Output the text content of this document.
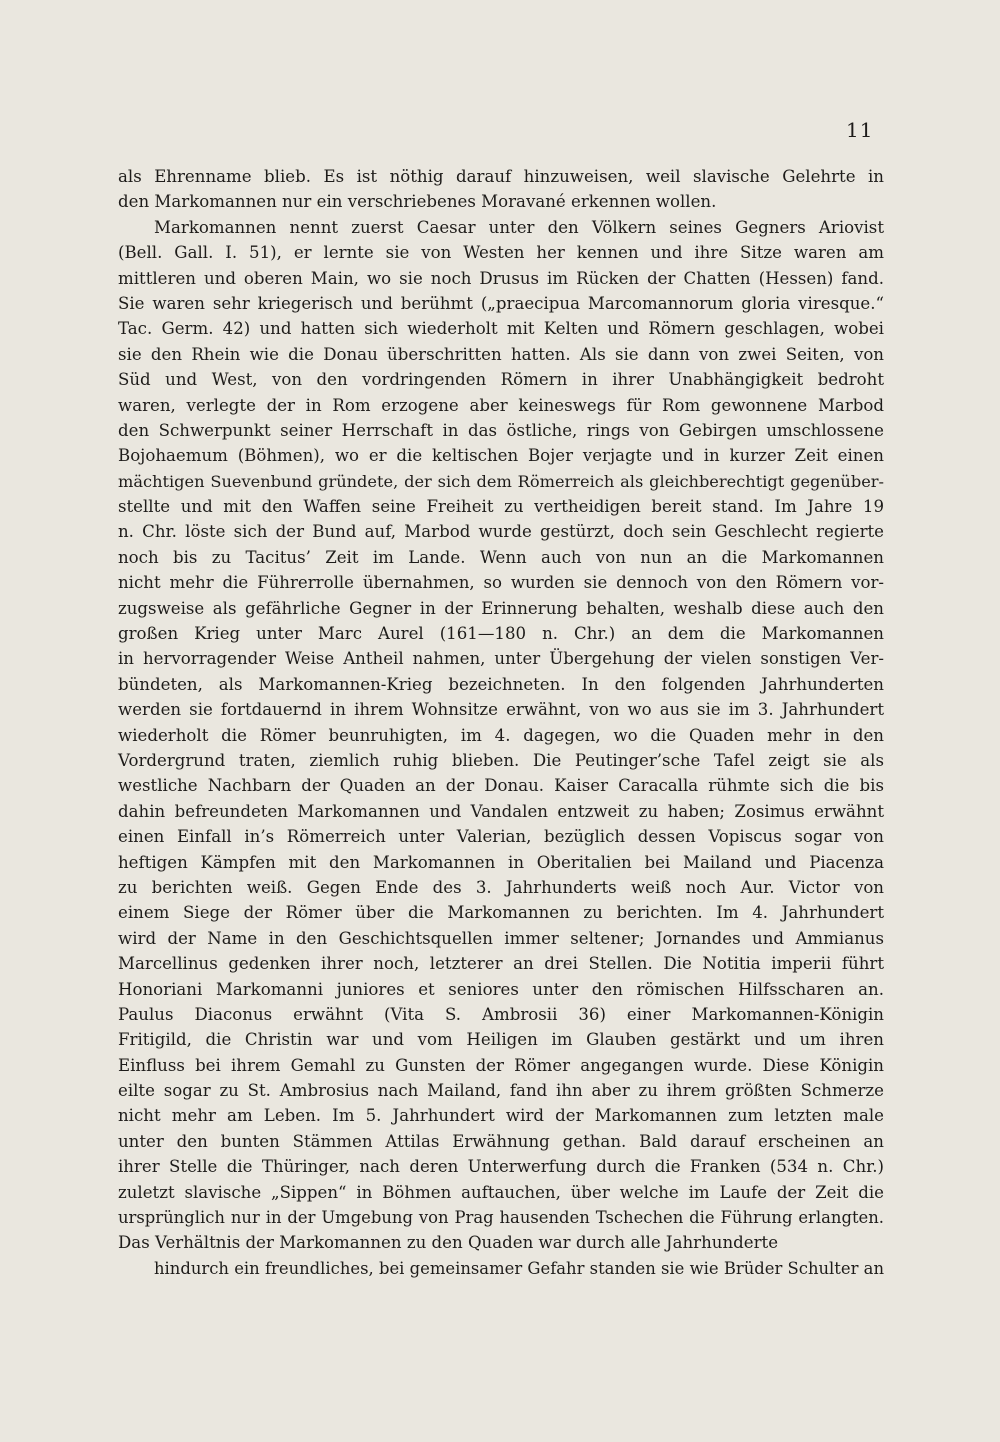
11
als Ehrenname blieb. Es ist nöthig darauf hinzuweisen, weil slavische Gelehrte in
den Markomannen nur ein verschriebenes Moravané erkennen wollen.
Markomannen nennt zuerst Caesar unter den Völkern seines Gegners Ariovist
(Bell. Gall. I. 51), er lernte sie von Westen her kennen und ihre Sitze waren am
mittleren und oberen Main, wo sie noch Drusus im Rücken der Chatten (Hessen) fand.
Sie waren sehr kriegerisch und berühmt („praecipua Marcomannorum gloria viresque.“
Tac. Germ. 42) und hatten sich wiederholt mit Kelten und Römern geschlagen, wobei
sie den Rhein wie die Donau überschritten hatten. Als sie dann von zwei Seiten, von
Süd und West, von den vordringenden Römern in ihrer Unabhängigkeit bedroht
waren, verlegte der in Rom erzogene aber keineswegs für Rom gewonnene Marbod
den Schwerpunkt seiner Herrschaft in das östliche, rings von Gebirgen umschlossene
Bojohaemum (Böhmen), wo er die keltischen Bojer verjagte und in kurzer Zeit einen
mächtigen Suevenbund gründete, der sich dem Römerreich als gleichberechtigt gegenüber-
stellte und mit den Waffen seine Freiheit zu vertheidigen bereit stand. Im Jahre 19
n. Chr. löste sich der Bund auf, Marbod wurde gestürzt, doch sein Geschlecht regierte
noch bis zu Tacitus’ Zeit im Lande. Wenn auch von nun an die Markomannen
nicht mehr die Führerrolle übernahmen, so wurden sie dennoch von den Römern vor-
zugsweise als gefährliche Gegner in der Erinnerung behalten, weshalb diese auch den
großen Krieg unter Marc Aurel (161—180 n. Chr.) an dem die Markomannen
in hervorragender Weise Antheil nahmen, unter Übergehung der vielen sonstigen Ver-
bündeten, als Markomannen-Krieg bezeichneten. In den folgenden Jahrhunderten
werden sie fortdauernd in ihrem Wohnsitze erwähnt, von wo aus sie im 3. Jahrhundert
wiederholt die Römer beunruhigten, im 4. dagegen, wo die Quaden mehr in den
Vordergrund traten, ziemlich ruhig blieben. Die Peutinger’sche Tafel zeigt sie als
westliche Nachbarn der Quaden an der Donau. Kaiser Caracalla rühmte sich die bis
dahin befreundeten Markomannen und Vandalen entzweit zu haben; Zosimus erwähnt
einen Einfall in’s Römerreich unter Valerian, bezüglich dessen Vopiscus sogar von
heftigen Kämpfen mit den Markomannen in Oberitalien bei Mailand und Piacenza
zu berichten weiß. Gegen Ende des 3. Jahrhunderts weiß noch Aur. Victor von
einem Siege der Römer über die Markomannen zu berichten. Im 4. Jahrhundert
wird der Name in den Geschichtsquellen immer seltener; Jornandes und Ammianus
Marcellinus gedenken ihrer noch, letzterer an drei Stellen. Die Notitia imperii führt
Honoriani Markomanni juniores et seniores unter den römischen Hilfsscharen an.
Paulus Diaconus erwähnt (Vita S. Ambrosii 36) einer Markomannen-Königin
Fritigild, die Christin war und vom Heiligen im Glauben gestärkt und um ihren
Einfluss bei ihrem Gemahl zu Gunsten der Römer angegangen wurde. Diese Königin
eilte sogar zu St. Ambrosius nach Mailand, fand ihn aber zu ihrem größten Schmerze
nicht mehr am Leben. Im 5. Jahrhundert wird der Markomannen zum letzten male
unter den bunten Stämmen Attilas Erwähnung gethan. Bald darauf erscheinen an
ihrer Stelle die Thüringer, nach deren Unterwerfung durch die Franken (534 n. Chr.)
zuletzt slavische „Sippen“ in Böhmen auftauchen, über welche im Laufe der Zeit die
ursprünglich nur in der Umgebung von Prag hausenden Tschechen die Führung erlangten.
Das Verhältnis der Markomannen zu den Quaden war durch alle Jahrhunderte
hindurch ein freundliches, bei gemeinsamer Gefahr standen sie wie Brüder Schulter an
